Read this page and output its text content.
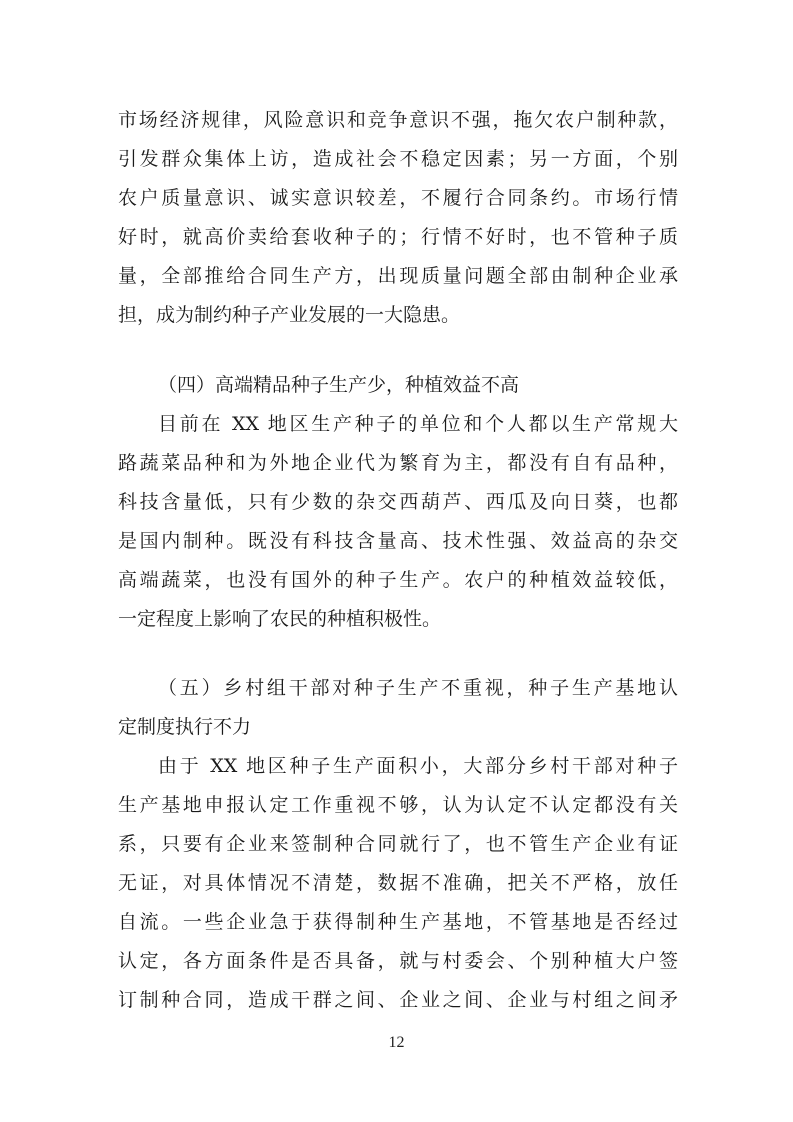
市场经济规律，风险意识和竞争意识不强，拖欠农户制种款，
引发群众集体上访，造成社会不稳定因素；另一方面，个别
农户质量意识、诚实意识较差，不履行合同条约。市场行情
好时，就高价卖给套收种子的；行情不好时，也不管种子质
量，全部推给合同生产方，出现质量问题全部由制种企业承
担，成为制约种子产业发展的一大隐患。
（四）高端精品种子生产少，种植效益不高
目前在 XX 地区生产种子的单位和个人都以生产常规大
路蔬菜品种和为外地企业代为繁育为主，都没有自有品种，
科技含量低，只有少数的杂交西葫芦、西瓜及向日葵，也都
是国内制种。既没有科技含量高、技术性强、效益高的杂交
高端蔬菜，也没有国外的种子生产。农户的种植效益较低，
一定程度上影响了农民的种植积极性。
（五）乡村组干部对种子生产不重视，种子生产基地认
定制度执行不力
由于 XX 地区种子生产面积小，大部分乡村干部对种子
生产基地申报认定工作重视不够，认为认定不认定都没有关
系，只要有企业来签制种合同就行了，也不管生产企业有证
无证，对具体情况不清楚，数据不准确，把关不严格，放任
自流。一些企业急于获得制种生产基地，不管基地是否经过
认定，各方面条件是否具备，就与村委会、个别种植大户签
订制种合同，造成干群之间、企业之间、企业与村组之间矛
12
